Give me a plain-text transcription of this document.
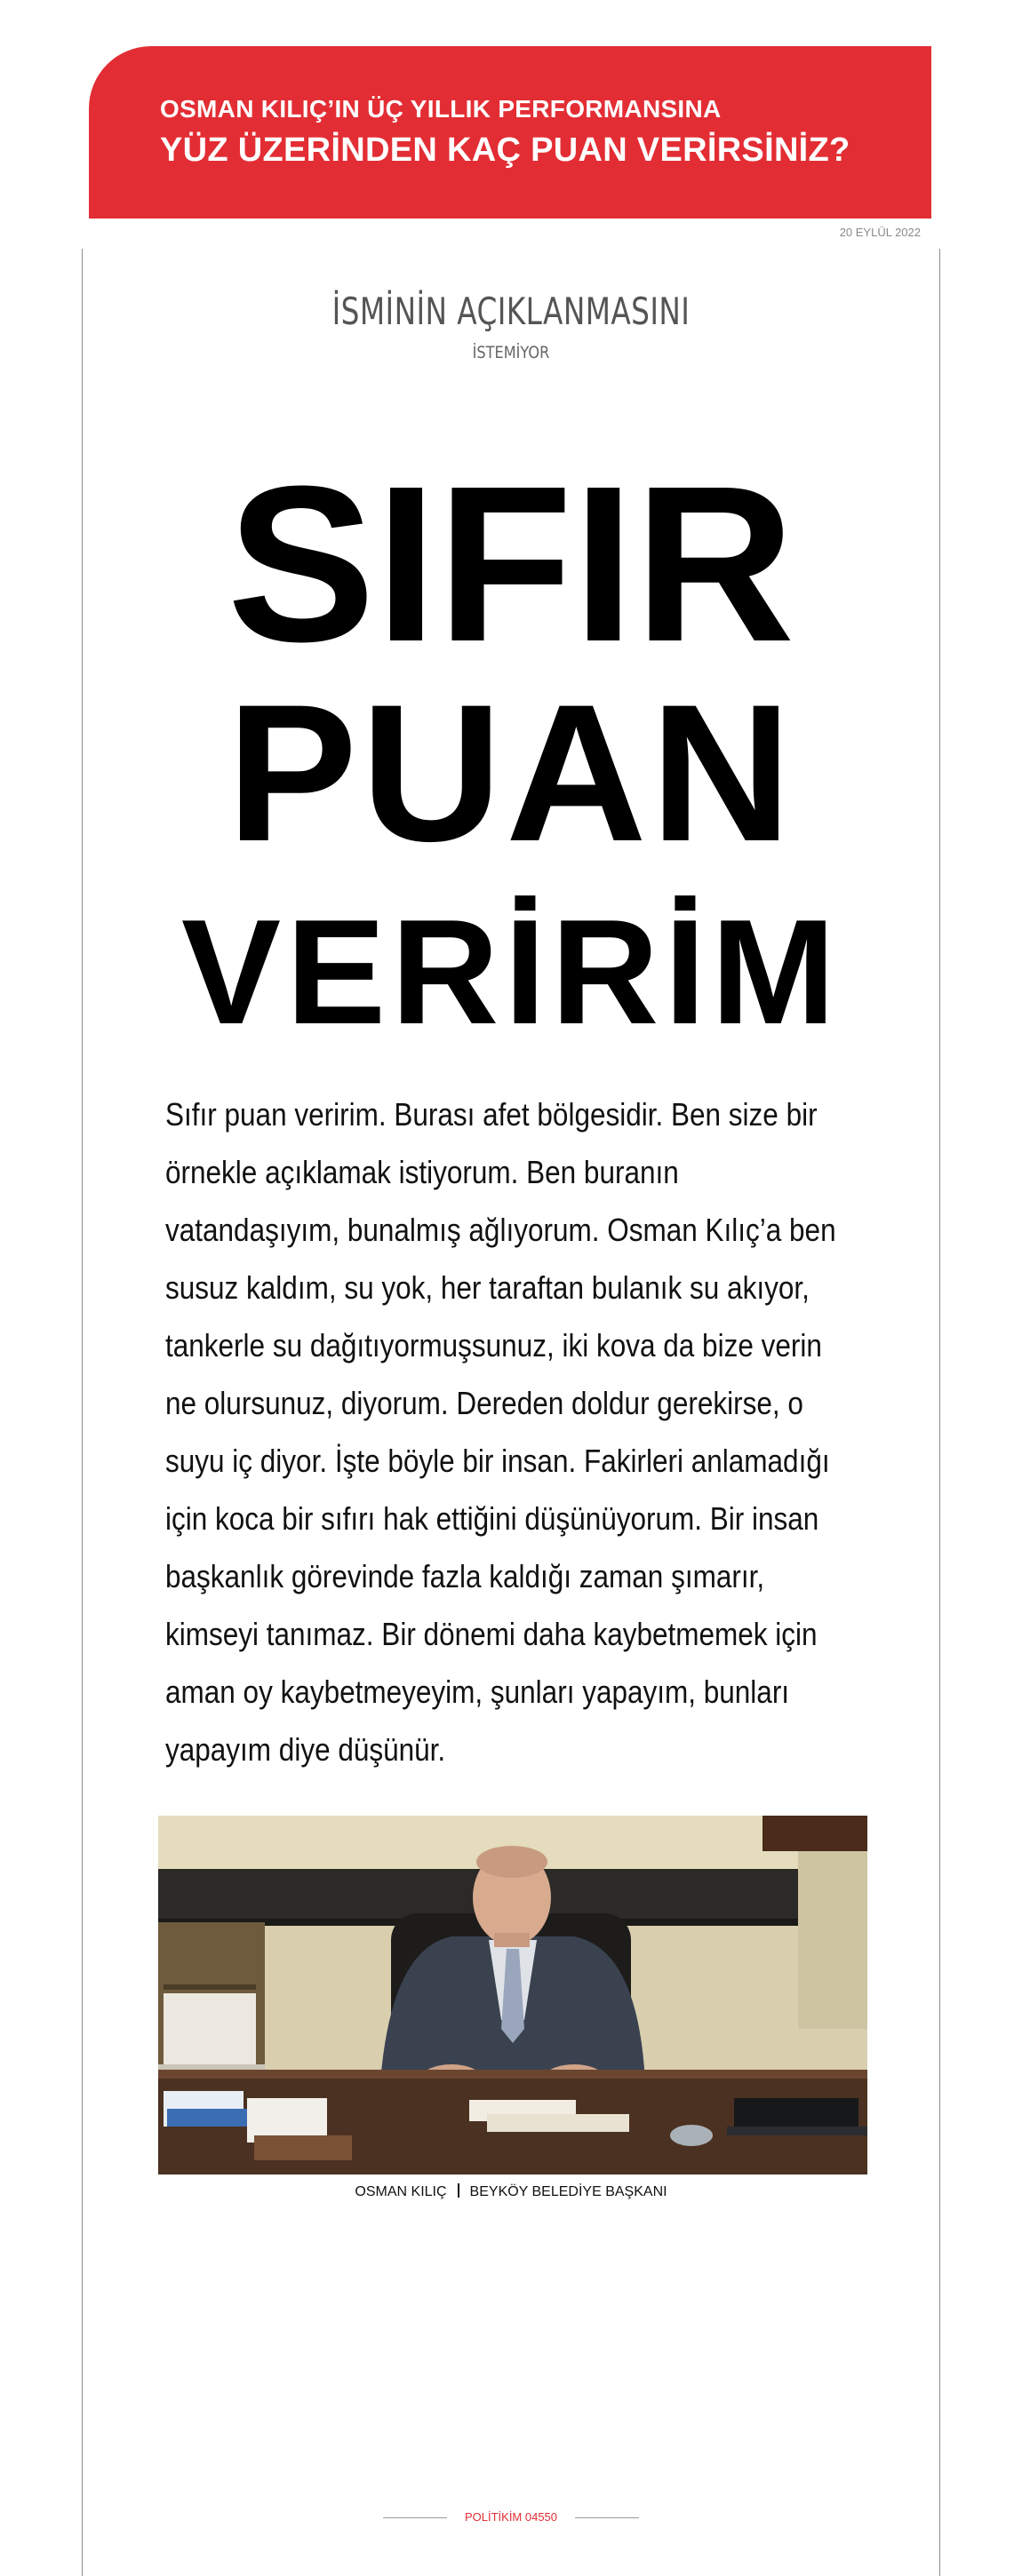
OSMAN KILIÇ’IN ÜÇ YILLIK PERFORMANSINA
YÜZ ÜZERİNDEN KAÇ PUAN VERİRSİNİZ?
20 EYLÜL 2022
İSMİNİN AÇIKLANMASINI
İSTEMİYOR
SIFIR
PUAN
VERİRİM

Sıfır puan veririm. Burası afet bölgesidir. Ben size bir örnekle açıklamak istiyorum. Ben buranın vatandaşıyım, bunalmış ağlıyorum. Osman Kılıç’a ben susuz kaldım, su yok, her taraftan bulanık su akıyor, tankerle su dağıtıyormuşsunuz, iki kova da bize verin ne olursunuz, diyorum. Dereden doldur gerekirse, o suyu iç diyor. İşte böyle bir insan. Fakirleri anlamadığı için koca bir sıfırı hak ettiğini düşünüyorum. Bir insan başkanlık görevinde fazla kaldığı zaman şımarır, kimseyi tanımaz. Bir dönemi daha kaybetmemek için aman oy kaybetmeyeyim, şunları yapayım, bunları yapayım diye düşünür.

OSMAN KILIÇ BEYKÖY BELEDİYE BAŞKANI
POLİTİKİM 04550
